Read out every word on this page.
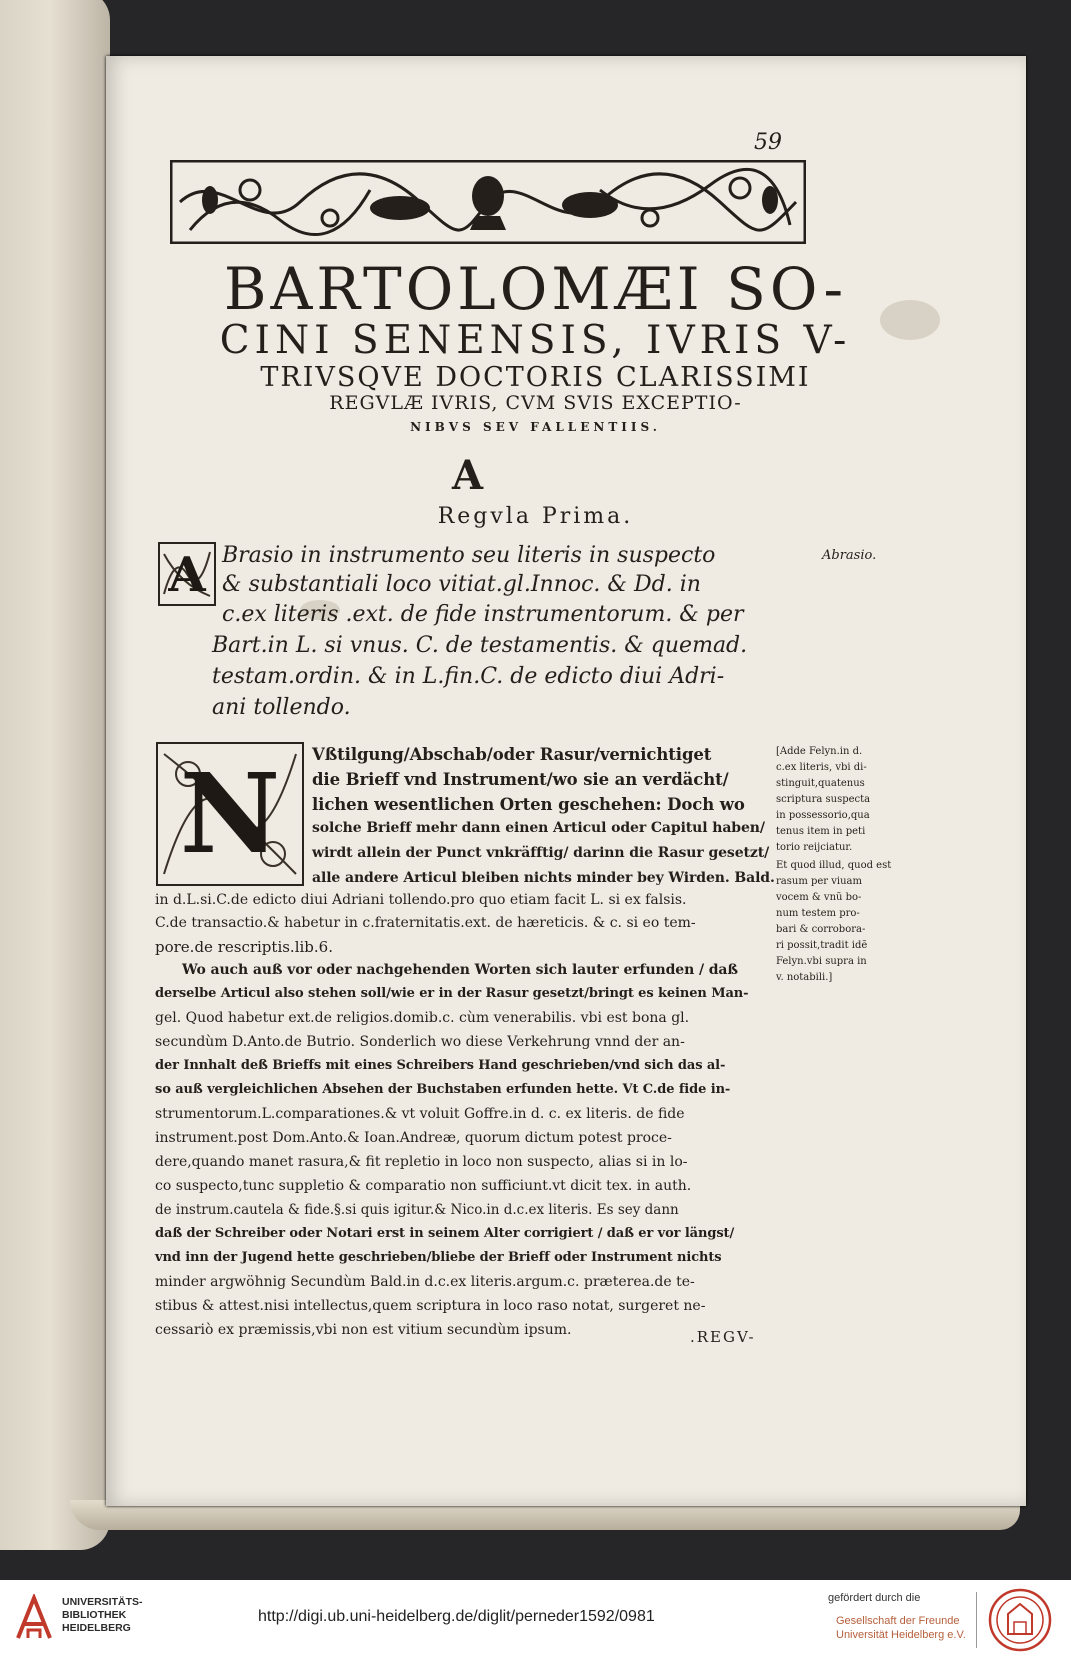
59
BARTOLOMÆI SO-
CINI SENENSIS, IVRIS V-
TRIVSQVE DOCTORIS CLARISSIMI
REGVLÆ IVRIS, CVM SVIS EXCEPTIO-
NIBVS SEV FALLENTIIS.
A
Regvla Prima.
A Brasio in instrumento seu literis in suspecto
& substantiali loco vitiat.gl.Innoc. & Dd. in
c.ex literis .ext. de fide instrumentorum. & per
Bart.in L. si vnus. C. de testamentis. & quemad.
testam.ordin. & in L.fin.C. de edicto diui Adri-
ani tollendo.
Abrasio.
N	Vßtilgung/Abschab/oder Rasur/vernichtiget
die Brieff vnd Instrument/wo sie an verdächt/
lichen wesentlichen Orten geschehen: Doch wo
solche Brieff mehr dann einen Articul oder Capitul haben/
wirdt allein der Punct vnkräfftig/ darinn die Rasur gesetzt/
alle andere Articul bleiben nichts minder bey Wirden. Bald.
in d.L.si.C.de edicto diui Adriani tollendo.pro quo etiam facit L. si ex falsis.
C.de transactio.& habetur in c.fraternitatis.ext. de hæreticis. & c. si eo tem-
pore.de rescriptis.lib.6.
Wo auch auß vor oder nachgehenden Worten sich lauter erfunden / daß
derselbe Articul also stehen soll/wie er in der Rasur gesetzt/bringt es keinen Man-
gel. Quod habetur ext.de religios.domib.c. cùm venerabilis. vbi est bona gl.
secundùm D.Anto.de Butrio. Sonderlich wo diese Verkehrung vnnd der an-
der Innhalt deß Brieffs mit eines Schreibers Hand geschrieben/vnd sich das al-
so auß vergleichlichen Absehen der Buchstaben erfunden hette. Vt C.de fide in-
strumentorum.L.comparationes.& vt voluit Goffre.in d. c. ex literis. de fide
instrument.post Dom.Anto.& Ioan.Andreæ, quorum dictum potest proce-
dere,quando manet rasura,& fit repletio in loco non suspecto, alias si in lo-
co suspecto,tunc suppletio & comparatio non sufficiunt.vt dicit tex. in auth.
de instrum.cautela & fide.§.si quis igitur.& Nico.in d.c.ex literis. Es sey dann
daß der Schreiber oder Notari erst in seinem Alter corrigiert / daß er vor längst/
vnd inn der Jugend hette geschrieben/bliebe der Brieff oder Instrument nichts
minder argwöhnig Secundùm Bald.in d.c.ex literis.argum.c. præterea.de te-
stibus & attest.nisi intellectus,quem scriptura in loco raso notat, surgeret ne-
cessariò ex præmissis,vbi non est vitium secundùm ipsum.
[Adde Felyn.in d.
c.ex literis, vbi di-
stinguit,quatenus
scriptura suspecta
in possessorio,qua
tenus item in peti
torio reijciatur.
Et quod illud, quod est
rasum per viuam
vocem & vnũ bo-
num testem pro-
bari & corrobora-
ri possit,tradit idẽ
Felyn.vbi supra in
v. notabili.]
.REGV-
UNIVERSITÄTS-
BIBLIOTHEK
HEIDELBERG
http://digi.ub.uni-heidelberg.de/diglit/perneder1592/0981
gefördert durch die
Gesellschaft der Freunde
Universität Heidelberg e.V.
